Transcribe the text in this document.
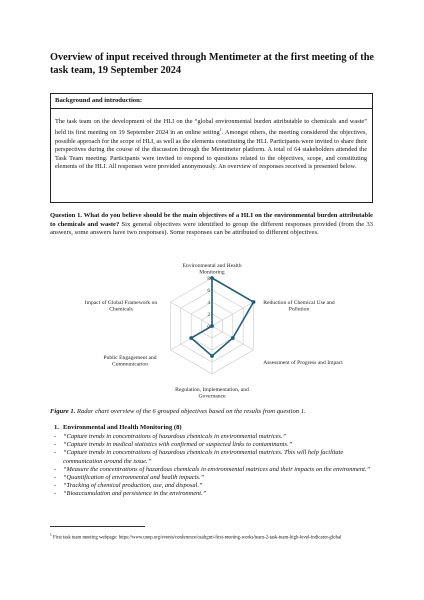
Overview of input received through Mentimeter at the first meeting of the task team, 19 September 2024
Background and introduction:
The task team on the development of the HLI on the “global environmental burden attributable to chemicals and waste” held its first meeting on 19 September 2024 in an online setting$^1$. Amongst others, the meeting considered the objectives, possible approach for the scope of HLI, as well as the elements constituting the HLI. Participants were invited to share their perspectives during the course of the discussion through the Mentimeter platform. A total of 64 stakeholders attended the Task Team meeting. Participants were invited to respond to questions related to the objectives, scope, and constituting elements of the HLI. All responses were provided anonymously. An overview of responses received is presented below.
Question 1. What do you believe should be the main objectives of a HLI on the environmental burden attributable to chemicals and waste? Six general objectives were identified to group the different responses provided (from the 33 answers, some answers have two responses). Some responses can be attributed to different objectives.
0
2
4
6
8
Environmental and Health Monitoring
Reduction of Chemical Use and Pollution
Assessment of Progress and Impact
Regulation, Implementation, and Governance
Public Engagement and Communication
Impact of Global Framework on Chemicals
Figure 1. Radar chart overview of the 6 grouped objectives based on the results from question 1.
1. Environmental and Health Monitoring (8)
- “Capture trends in concentrations of hazardous chemicals in environmental matrices.”
- “Capture trends in medical statistics with confirmed or suspected links to contaminants.”
- “Capture trends in concentrations of hazardous chemicals in environmental matrices. This will help facilitate communication around the issue.”
- “Measure the concentrations of hazardous chemicals in environmental matrices and their impacts on the environment.”
- “Quantification of environmental and health impacts.”
- “Tracking of chemical production, use, and disposal.”
- “Bioaccumulation and persistence in the environment.”
$^1$ First task team meeting webpage: https://www.unep.org/events/conference/osahgmi-first-meeting-works/team-2-task-team-high-level-indicator-global
